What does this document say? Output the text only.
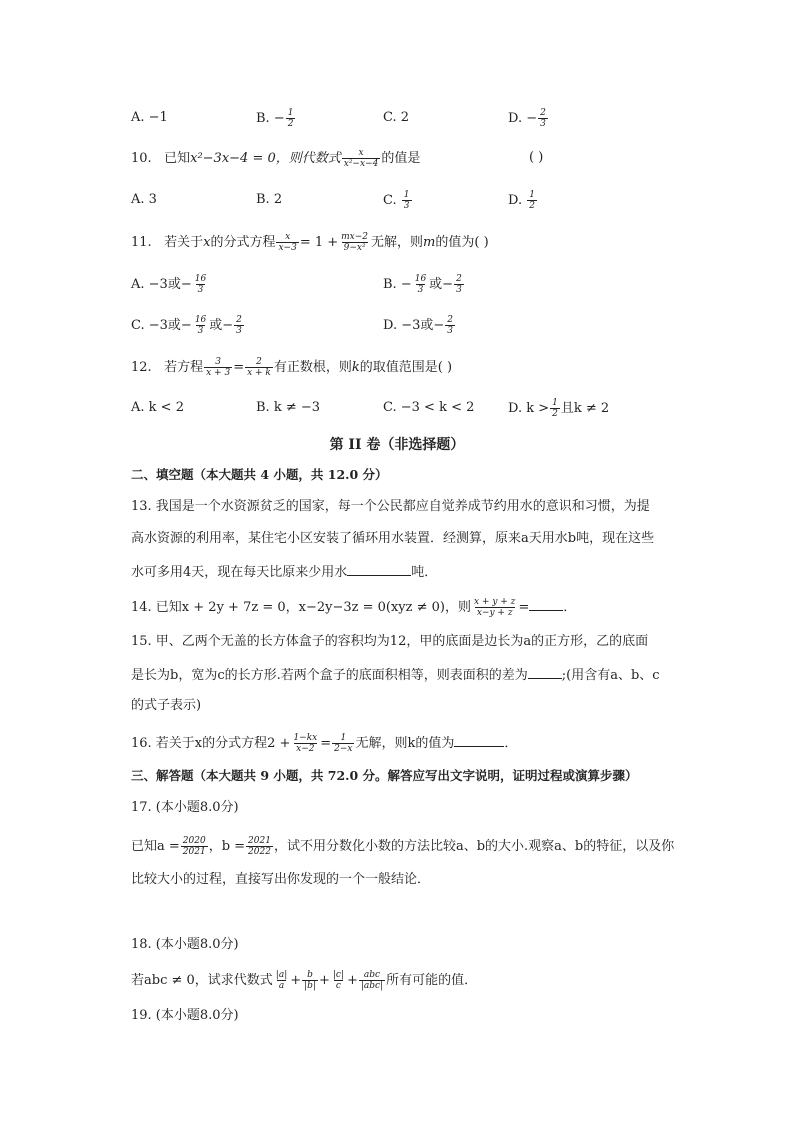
A. −1	B. − $\frac{1}{2}$	C. 2	D. − $\frac{2}{3}$
10. 已知x²−3x−4 = 0，则代数式 $\frac{x}{\text{x²−x−4}}$ 的值是	( )
A. 3	B. 2	C. $\frac{1}{3}$	D. $\frac{1}{2}$
11. 若关于x的分式方程 $\frac{x}{x-3} = 1 + \frac{mx-2}{\text{9−x²}}$ 无解，则m的值为( )
A. −3或− $\frac{16}{3}$	B. − $\frac{16}{3}$ 或− $\frac{2}{3}$
C. −3或− $\frac{16}{3}$ 或− $\frac{2}{3}$	D. −3或− $\frac{2}{3}$
12. 若方程 $\frac{3}{x + 3} = \frac{2}{x + k}$ 有正数根，则k的取值范围是( )
A. k < 2	B. k ≠ −3	C. −3 < k < 2	D. $k > \frac{1}{2}$ 且k ≠ 2
第 II 卷（非选择题）
二、填空题（本大题共 4 小题，共 12.0 分）
13. 我国是一个水资源贫乏的国家，每一个公民都应自觉养成节约用水的意识和习惯，为提
高水资源的利用率，某住宅小区安装了循环用水装置．经测算，原来a天用水b吨，现在这些
水可多用4天，现在每天比原来少用水	吨．
14. 已知x + 2y + 7z = 0，x−2y−3z = 0(xyz ≠ 0)，则 $\frac{x + y + z}{x-y + z}$ =	．
15. 甲、乙两个无盖的长方体盒子的容积均为12，甲的底面是边长为a的正方形，乙的底面
是长为b，宽为c的长方形.若两个盒子的底面积相等，则表面积的差为	;(用含有a、b、c
的式子表示)
16. 若关于x的分式方程$2 + \frac{1-kx}{x-2} = \frac{1}{2-x}$ 无解，则k的值为	．
三、解答题（本大题共 9 小题，共 72.0 分。解答应写出文字说明，证明过程或演算步骤）
17. (本小题8.0分)
已知$a = \frac{2020}{2021}$ ，$b = \frac{2021}{2022}$ ，试不用分数化小数的方法比较a、b的大小.观察a、b的特征，以及你
比较大小的过程，直接写出你发现的一个一般结论．
18. (本小题8.0分)
若abc ≠ 0，试求代数式 $\frac{|a|}{a} + \frac{b}{|b|} + \frac{|c|}{c} + \frac{\text{abc}}{\text{|abc|}}$ 所有可能的值．
19. (本小题8.0分)
